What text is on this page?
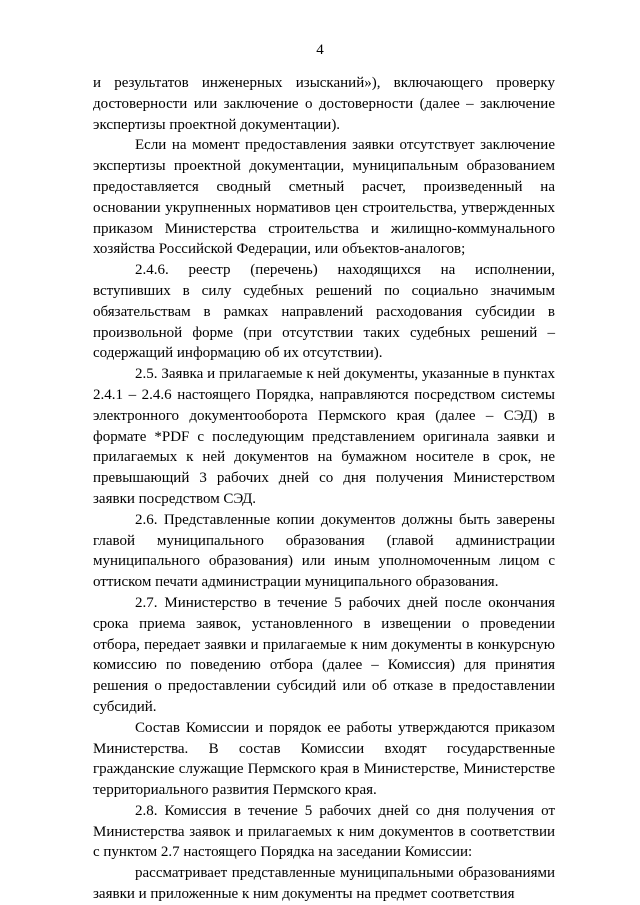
4

и результатов инженерных изысканий»), включающего проверку достоверности или заключение о достоверности (далее – заключение экспертизы проектной документации).

Если на момент предоставления заявки отсутствует заключение экспертизы проектной документации, муниципальным образованием предоставляется сводный сметный расчет, произведенный на основании укрупненных нормативов цен строительства, утвержденных приказом Министерства строительства и жилищно-коммунального хозяйства Российской Федерации, или объектов-аналогов;

2.4.6. реестр (перечень) находящихся на исполнении, вступивших в силу судебных решений по социально значимым обязательствам в рамках направлений расходования субсидии в произвольной форме (при отсутствии таких судебных решений – содержащий информацию об их отсутствии).

2.5. Заявка и прилагаемые к ней документы, указанные в пунктах 2.4.1 – 2.4.6 настоящего Порядка, направляются посредством системы электронного документооборота Пермского края (далее – СЭД) в формате *PDF с последующим представлением оригинала заявки и прилагаемых к ней документов на бумажном носителе в срок, не превышающий 3 рабочих дней со дня получения Министерством заявки посредством СЭД.

2.6. Представленные копии документов должны быть заверены главой муниципального образования (главой администрации муниципального образования) или иным уполномоченным лицом с оттиском печати администрации муниципального образования.

2.7. Министерство в течение 5 рабочих дней после окончания срока приема заявок, установленного в извещении о проведении отбора, передает заявки и прилагаемые к ним документы в конкурсную комиссию по поведению отбора (далее – Комиссия) для принятия решения о предоставлении субсидий или об отказе в предоставлении субсидий.

Состав Комиссии и порядок ее работы утверждаются приказом Министерства. В состав Комиссии входят государственные гражданские служащие Пермского края в Министерстве, Министерстве территориального развития Пермского края.

2.8. Комиссия в течение 5 рабочих дней со дня получения от Министерства заявок и прилагаемых к ним документов в соответствии с пунктом 2.7 настоящего Порядка на заседании Комиссии:

рассматривает представленные муниципальными образованиями заявки и приложенные к ним документы на предмет соответствия
